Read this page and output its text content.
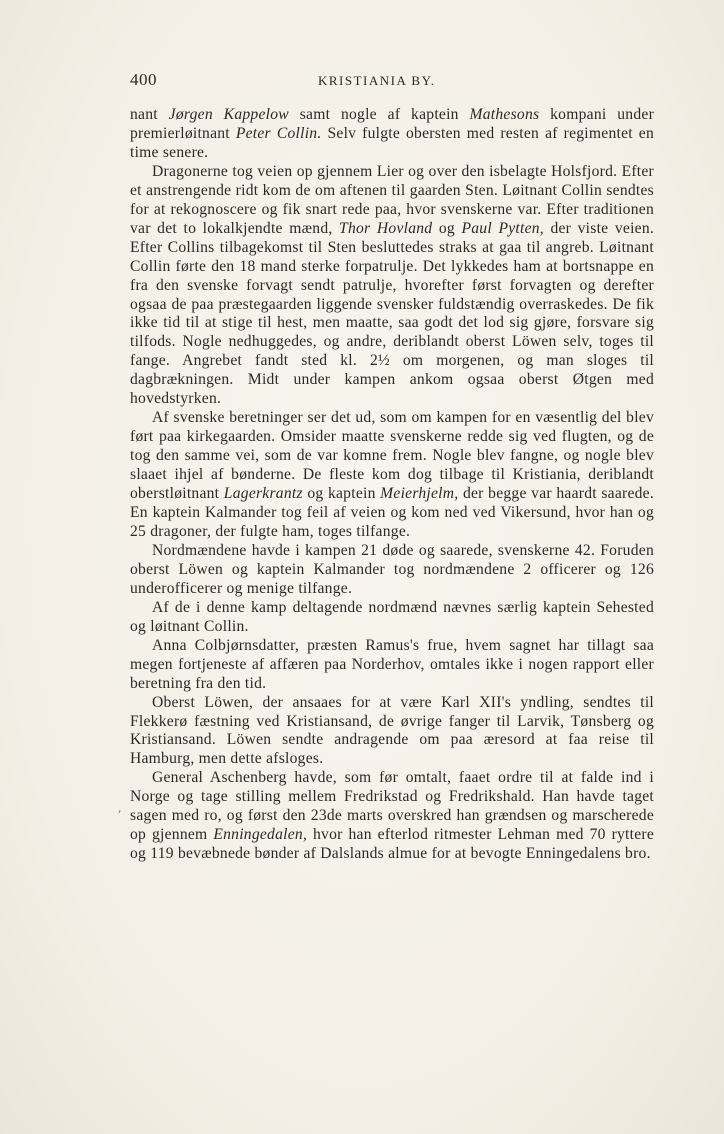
400	KRISTIANIA BY.

nant Jørgen Kappelow samt nogle af kaptein Mathesons kompani under premierløitnant Peter Collin. Selv fulgte obersten med resten af regimentet en time senere.

Dragonerne tog veien op gjennem Lier og over den isbelagte Holsfjord. Efter et anstrengende ridt kom de om aftenen til gaarden Sten. Løitnant Collin sendtes for at rekognoscere og fik snart rede paa, hvor svenskerne var. Efter traditionen var det to lokalkjendte mænd, Thor Hovland og Paul Pytten, der viste veien. Efter Collins tilbagekomst til Sten besluttedes straks at gaa til angreb. Løitnant Collin førte den 18 mand sterke forpatrulje. Det lykkedes ham at bortsnappe en fra den svenske forvagt sendt patrulje, hvorefter først forvagten og derefter ogsaa de paa præstegaarden liggende svensker fuldstændig overraskedes. De fik ikke tid til at stige til hest, men maatte, saa godt det lod sig gjøre, forsvare sig tilfods. Nogle nedhuggedes, og andre, deriblandt oberst Löwen selv, toges til fange. Angrebet fandt sted kl. 2½ om morgenen, og man sloges til dagbrækningen. Midt under kampen ankom ogsaa oberst Øtgen med hovedstyrken.

Af svenske beretninger ser det ud, som om kampen for en væsentlig del blev ført paa kirkegaarden. Omsider maatte svenskerne redde sig ved flugten, og de tog den samme vei, som de var komne frem. Nogle blev fangne, og nogle blev slaaet ihjel af bønderne. De fleste kom dog tilbage til Kristiania, deriblandt oberstløitnant Lagerkrantz og kaptein Meierhjelm, der begge var haardt saarede. En kaptein Kalmander tog feil af veien og kom ned ved Vikersund, hvor han og 25 dragoner, der fulgte ham, toges tilfange.

Nordmændene havde i kampen 21 døde og saarede, svenskerne 42. Foruden oberst Löwen og kaptein Kalmander tog nordmændene 2 officerer og 126 underofficerer og menige tilfange.

Af de i denne kamp deltagende nordmænd nævnes særlig kaptein Sehested og løitnant Collin.

Anna Colbjørnsdatter, præsten Ramus's frue, hvem sagnet har tillagt saa megen fortjeneste af affæren paa Norderhov, omtales ikke i nogen rapport eller beretning fra den tid.

Oberst Löwen, der ansaaes for at være Karl XII's yndling, sendtes til Flekkerø fæstning ved Kristiansand, de øvrige fanger til Larvik, Tønsberg og Kristiansand. Löwen sendte andragende om paa æresord at faa reise til Hamburg, men dette afsloges.

General Aschenberg havde, som før omtalt, faaet ordre til at falde ind i Norge og tage stilling mellem Fredrikstad og Fredrikshald. Han havde taget sagen med ro, og først den 23de marts overskred han grændsen og marscherede op gjennem Enningedalen, hvor han efterlod ritmester Lehman med 70 ryttere og 119 bevæbnede bønder af Dalslands almue for at bevogte Enningedalens bro.

,
